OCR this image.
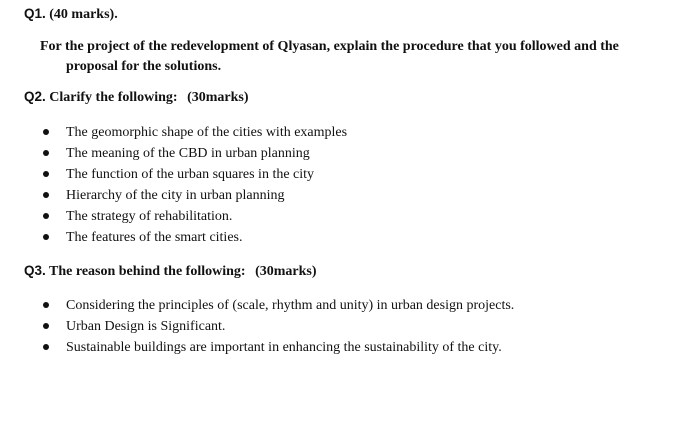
Q1. (40 marks).
For the project of the redevelopment of Qlyasan, explain the procedure that you followed and the
proposal for the solutions.
Q2. Clarify the following: (30marks)
The geomorphic shape of the cities with examples
The meaning of the CBD in urban planning
The function of the urban squares in the city
Hierarchy of the city in urban planning
The strategy of rehabilitation.
The features of the smart cities.
Q3. The reason behind the following: (30marks)
Considering the principles of (scale, rhythm and unity) in urban design projects.
Urban Design is Significant.
Sustainable buildings are important in enhancing the sustainability of the city.
